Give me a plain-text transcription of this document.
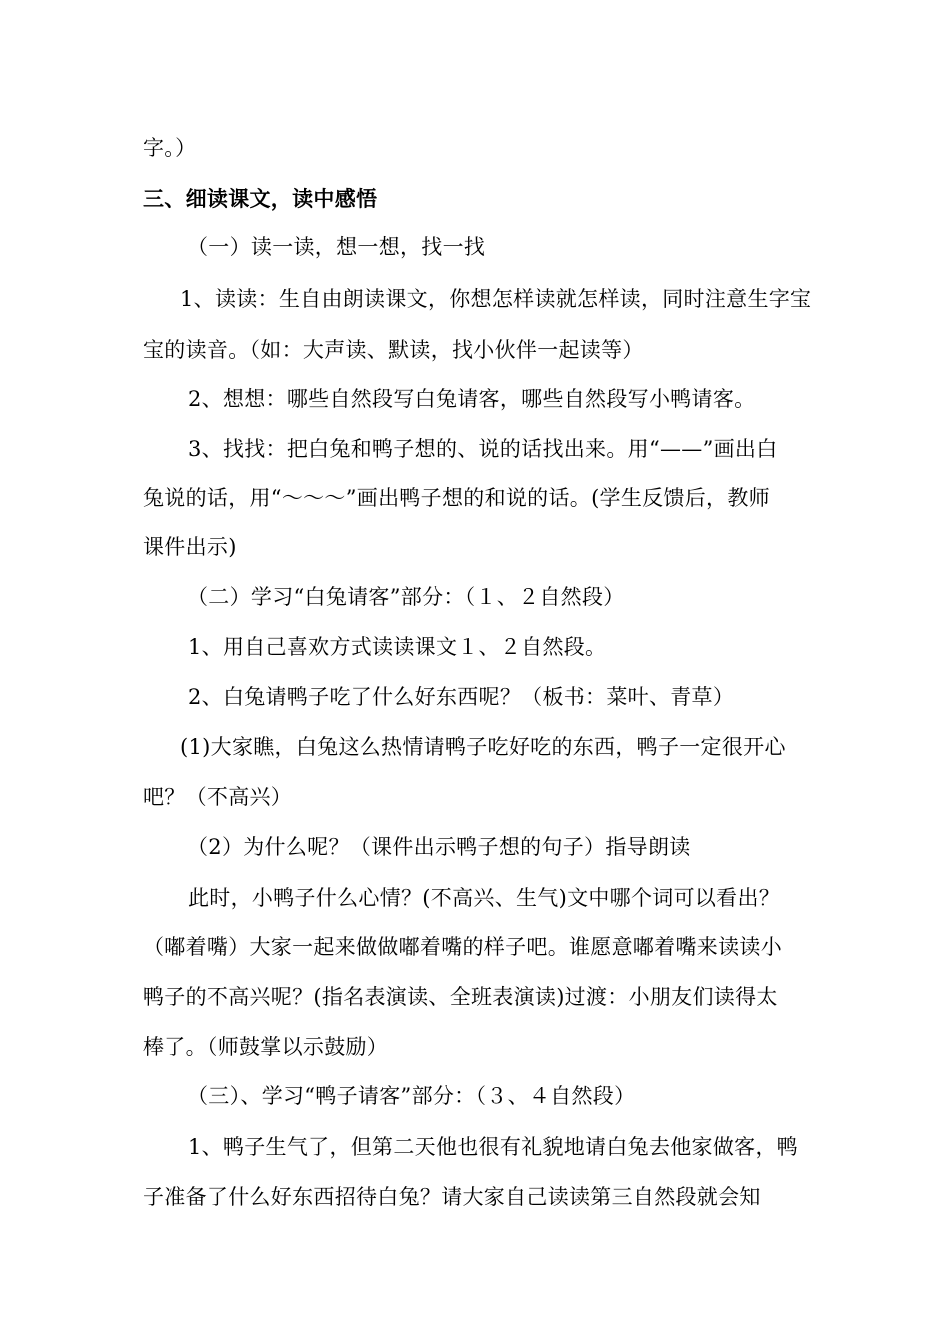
字。）
三、细读课文，读中感悟
（一）读一读，想一想，找一找
1、读读：生自由朗读课文，你想怎样读就怎样读，同时注意生字宝
宝的读音。（如：大声读、默读，找小伙伴一起读等）
2、想想：哪些自然段写白兔请客，哪些自然段写小鸭请客。
3、找找：把白兔和鸭子想的、说的话找出来。用“——”画出白
兔说的话，用“～～～”画出鸭子想的和说的话。(学生反馈后，教师
课件出示)
（二）学习“白兔请客”部分：（１、２自然段）
1、用自己喜欢方式读读课文１、２自然段。
2、白兔请鸭子吃了什么好东西呢？（板书：菜叶、青草）
(1)大家瞧，白兔这么热情请鸭子吃好吃的东西，鸭子一定很开心
吧？（不高兴）
（2）为什么呢？（课件出示鸭子想的句子）指导朗读
此时，小鸭子什么心情？(不高兴、生气)文中哪个词可以看出？
（嘟着嘴）大家一起来做做嘟着嘴的样子吧。谁愿意嘟着嘴来读读小
鸭子的不高兴呢？(指名表演读、全班表演读)过渡：小朋友们读得太
棒了。（师鼓掌以示鼓励）
（三）、学习“鸭子请客”部分：（３、４自然段）
1、鸭子生气了，但第二天他也很有礼貌地请白兔去他家做客，鸭
子准备了什么好东西招待白兔？请大家自己读读第三自然段就会知
